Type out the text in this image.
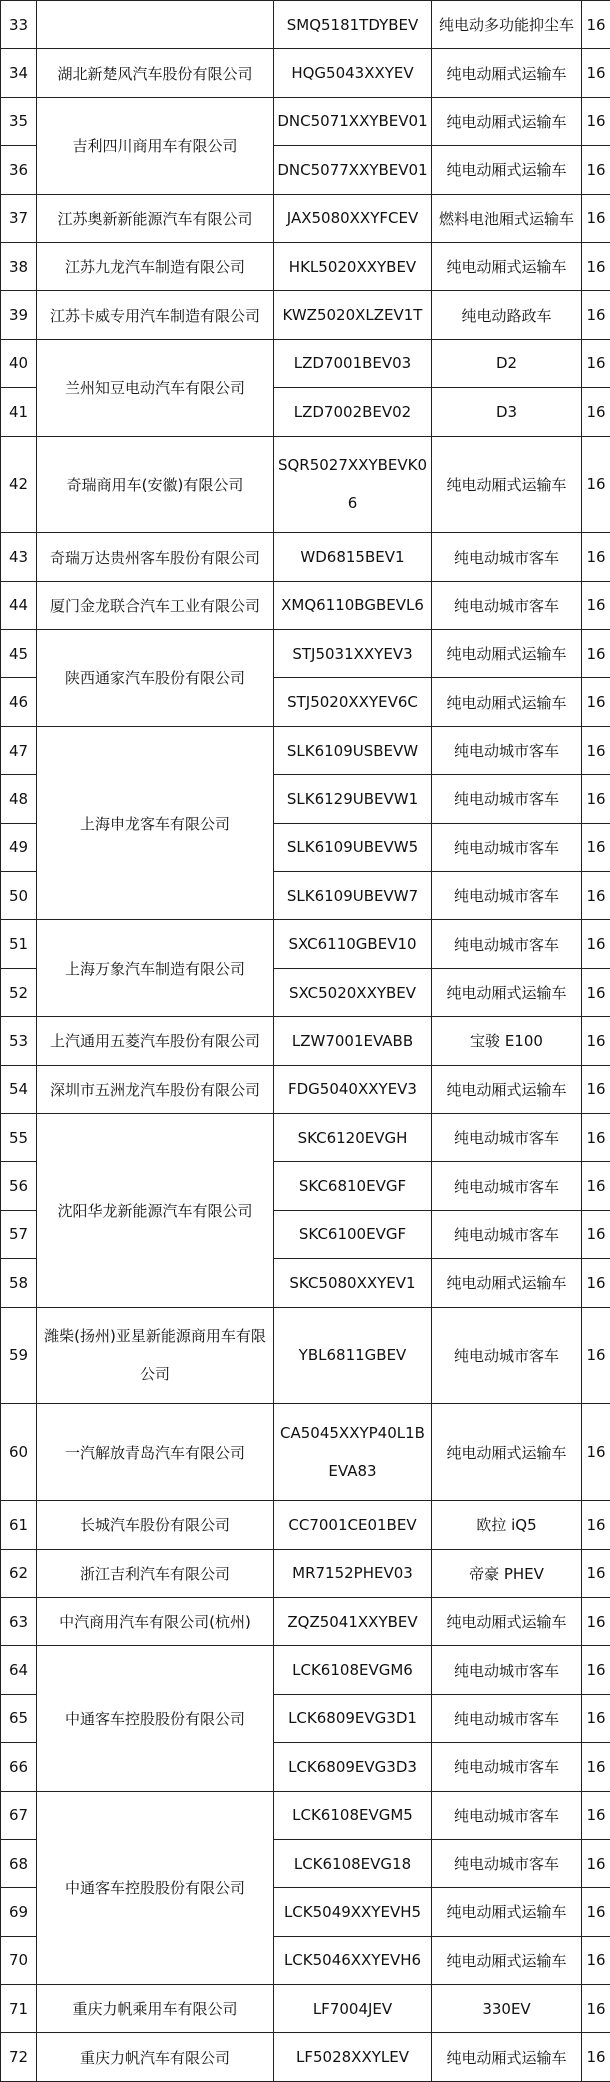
33		SMQ5181TDYBEV	纯电动多功能抑尘车	16
34	湖北新楚风汽车股份有限公司	HQG5043XXYEV	纯电动厢式运输车	16
35	吉利四川商用车有限公司	DNC5071XXYBEV01	纯电动厢式运输车	16
36		DNC5077XXYBEV01	纯电动厢式运输车	16
37	江苏奥新新能源汽车有限公司	JAX5080XXYFCEV	燃料电池厢式运输车	16
38	江苏九龙汽车制造有限公司	HKL5020XXYBEV	纯电动厢式运输车	16
39	江苏卡威专用汽车制造有限公司	KWZ5020XLZEV1T	纯电动路政车	16
40	兰州知豆电动汽车有限公司	LZD7001BEV03	D2	16
41		LZD7002BEV02	D3	16
42	奇瑞商用车(安徽)有限公司	SQR5027XXYBEVK06	纯电动厢式运输车	16
43	奇瑞万达贵州客车股份有限公司	WD6815BEV1	纯电动城市客车	16
44	厦门金龙联合汽车工业有限公司	XMQ6110BGBEVL6	纯电动城市客车	16
45	陕西通家汽车股份有限公司	STJ5031XXYEV3	纯电动厢式运输车	16
46		STJ5020XXYEV6C	纯电动厢式运输车	16
47	上海申龙客车有限公司	SLK6109USBEVW	纯电动城市客车	16
48		SLK6129UBEVW1	纯电动城市客车	16
49		SLK6109UBEVW5	纯电动城市客车	16
50		SLK6109UBEVW7	纯电动城市客车	16
51	上海万象汽车制造有限公司	SXC6110GBEV10	纯电动城市客车	16
52		SXC5020XXYBEV	纯电动厢式运输车	16
53	上汽通用五菱汽车股份有限公司	LZW7001EVABB	宝骏 E100	16
54	深圳市五洲龙汽车股份有限公司	FDG5040XXYEV3	纯电动厢式运输车	16
55	沈阳华龙新能源汽车有限公司	SKC6120EVGH	纯电动城市客车	16
56		SKC6810EVGF	纯电动城市客车	16
57		SKC6100EVGF	纯电动城市客车	16
58		SKC5080XXYEV1	纯电动厢式运输车	16
59	潍柴(扬州)亚星新能源商用车有限公司	YBL6811GBEV	纯电动城市客车	16
60	一汽解放青岛汽车有限公司	CA5045XXYP40L1BEVA83	纯电动厢式运输车	16
61	长城汽车股份有限公司	CC7001CE01BEV	欧拉 iQ5	16
62	浙江吉利汽车有限公司	MR7152PHEV03	帝豪 PHEV	16
63	中汽商用汽车有限公司(杭州)	ZQZ5041XXYBEV	纯电动厢式运输车	16
64	中通客车控股股份有限公司	LCK6108EVGM6	纯电动城市客车	16
65		LCK6809EVG3D1	纯电动城市客车	16
66		LCK6809EVG3D3	纯电动城市客车	16
67	中通客车控股股份有限公司	LCK6108EVGM5	纯电动城市客车	16
68		LCK6108EVG18	纯电动城市客车	16
69		LCK5049XXYEVH5	纯电动厢式运输车	16
70		LCK5046XXYEVH6	纯电动厢式运输车	16
71	重庆力帆乘用车有限公司	LF7004JEV	330EV	16
72	重庆力帆汽车有限公司	LF5028XXYLEV	纯电动厢式运输车	16
